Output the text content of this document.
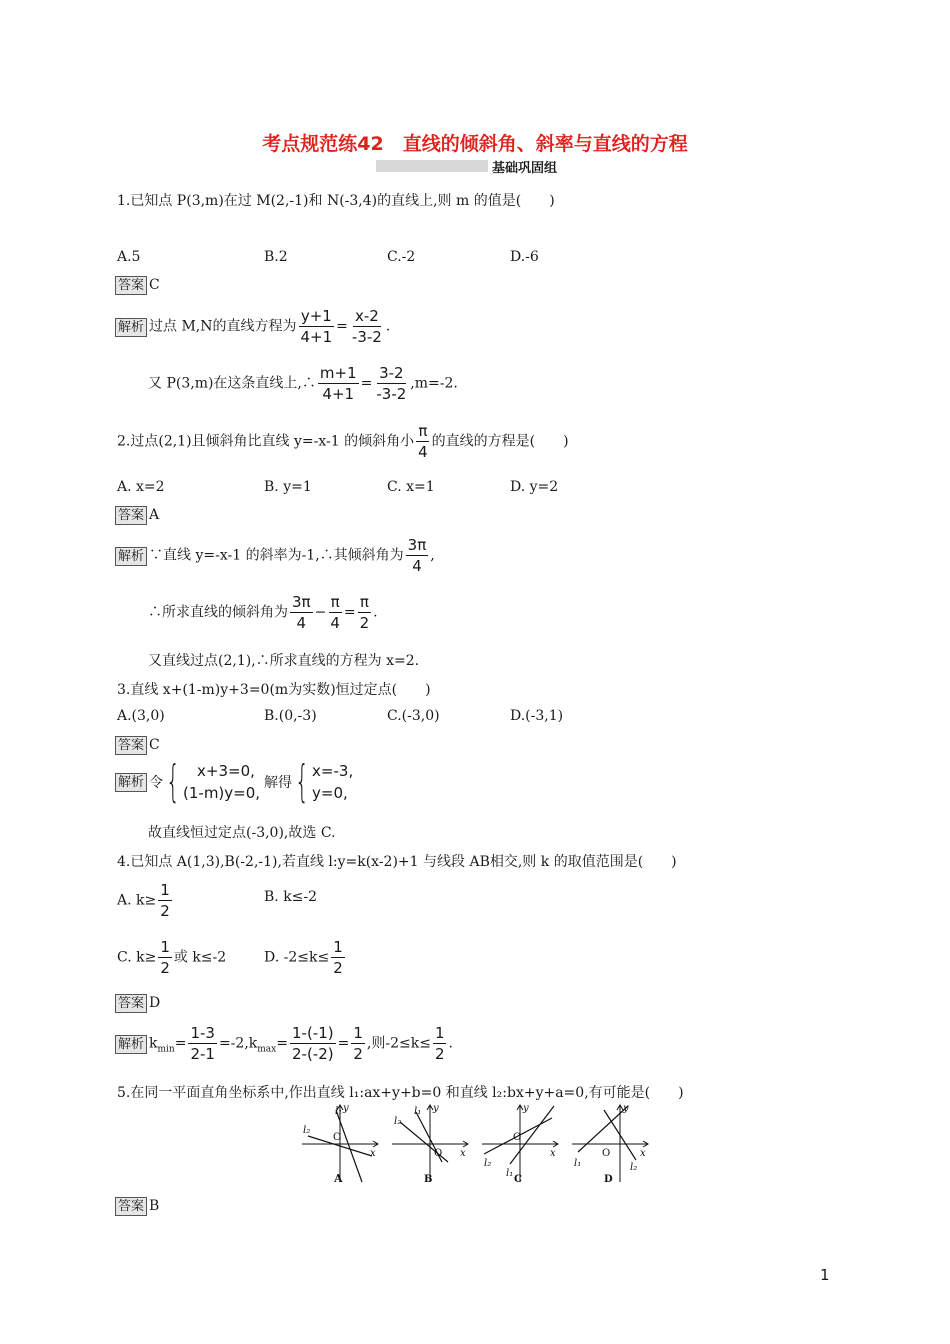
考点规范练42　直线的倾斜角、斜率与直线的方程
基础巩固组
1.已知点 P(3,m)在过 M(2,-1)和 N(-3,4)的直线上,则 m 的值是(　　)
A.5	B.2	C.-2	D.-6
答案 C
解析 过点 M,N的直线方程为 $\frac{y+1}{4+1} = \frac{x-2}{-3-2}$ .
又 P(3,m)在这条直线上,∴ $\frac{m+1}{4+1} = \frac{3-2}{-3-2} ,m=-2$.
2.过点(2,1)且倾斜角比直线 y=-x-1 的倾斜角小 $\frac{\pi}{4}$ 的直线的方程是(　　)
A. x=2	B. y=1	C. x=1	D. y=2
答案 A
解析 ∵直线 y=-x-1 的斜率为-1,∴其倾斜角为 $\frac{3\pi}{4}$ ,
∴所求直线的倾斜角为 $\frac{3\pi}{4} - \frac{\pi}{4} = \frac{\pi}{2}$ .
又直线过点(2,1),∴所求直线的方程为 x=2.
3.直线 x+(1-m)y+3=0(m为实数)恒过定点(　　)
A.(3,0)	B.(0,-3)	C.(-3,0)	D.(-3,1)
答案 C
解析 令 {	x+3=0,
(1-m)y=0,
解得 { x=-3,
y=0,
故直线恒过定点(-3,0),故选 C.
4.已知点 A(1,3),B(-2,-1),若直线 l:y=k(x-2)+1 与线段 AB相交,则 k 的取值范围是(　　)
A. $k\ge \frac{1}{2}$	B. k≤-2
C. $k\ge \frac{1}{2}$ 或 k≤-2	D. $-2\le k\le \frac{1}{2}$
答案 D
解析 $k_{min}= \frac{1-3}{2-1} =-2,k_{max}= \frac{1-(-1)}{2-(-2)} = \frac{1}{2}$ ,则$-2\le k\le \frac{1}{2}$ .
5.在同一平面直角坐标系中,作出直线 l₁:ax+y+b=0 和直线 l₂:bx+y+a=0,有可能是(　　)
l₁
l₂
y
x
O
A
l₁
l₂
y
x
O
B
l₂
l₁
y
x
O
C
l₁	l₂
y
x
O
D
答案 B
1
